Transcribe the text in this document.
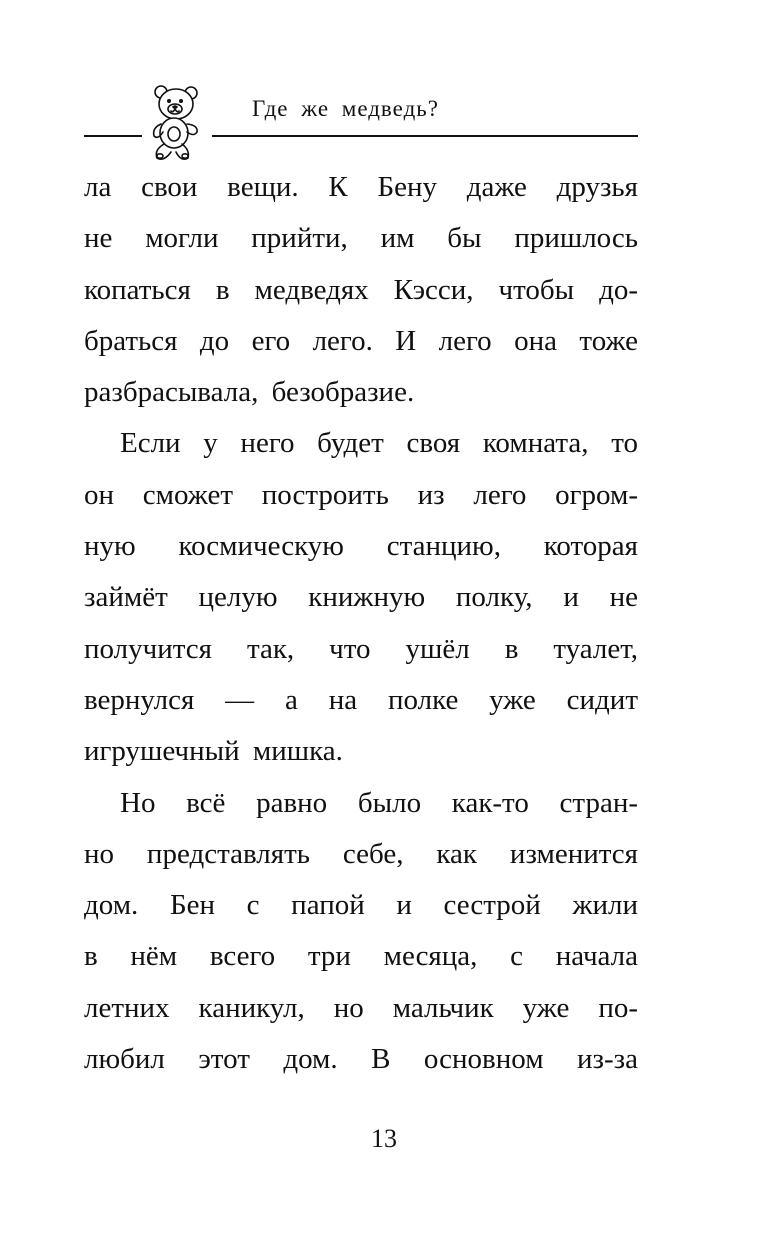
Где же медведь?
ла свои вещи. К Бену даже друзья
не могли прийти, им бы пришлось
копаться в медведях Кэсси, чтобы до-
браться до его лего. И лего она тоже
разбрасывала, безобразие.
Если у него будет своя комната, то
он сможет построить из лего огром-
ную космическую станцию, которая
займёт целую книжную полку, и не
получится так, что ушёл в туалет,
вернулся — а на полке уже сидит
игрушечный мишка.
Но всё равно было как-то стран-
но представлять себе, как изменится
дом. Бен с папой и сестрой жили
в нём всего три месяца, с начала
летних каникул, но мальчик уже по-
любил этот дом. В основном из-за
13
